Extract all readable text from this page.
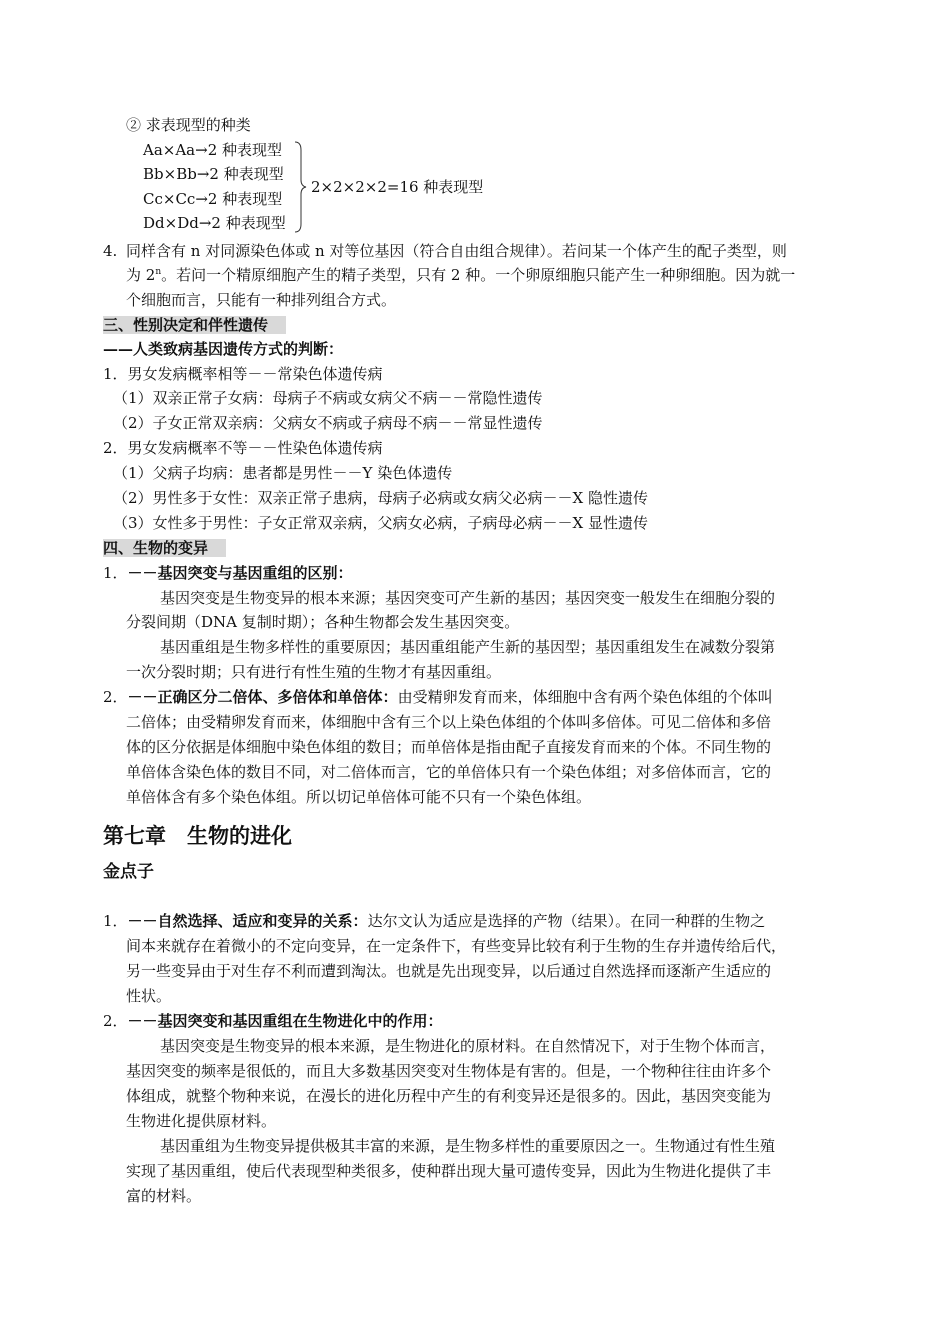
② 求表现型的种类
Aa×Aa→2 种表现型
Bb×Bb→2 种表现型
Cc×Cc→2 种表现型
Dd×Dd→2 种表现型
2×2×2×2=16 种表现型
4. 同样含有 n 对同源染色体或 n 对等位基因（符合自由组合规律）。若问某一个体产生的配子类型，则
为 2$^n$。若问一个精原细胞产生的精子类型，只有 2 种。一个卵原细胞只能产生一种卵细胞。因为就一
个细胞而言，只能有一种排列组合方式。
三、性别决定和伴性遗传
——人类致病基因遗传方式的判断：
1．男女发病概率相等－－常染色体遗传病
（1）双亲正常子女病：母病子不病或女病父不病－－常隐性遗传
（2）子女正常双亲病：父病女不病或子病母不病－－常显性遗传
2．男女发病概率不等－－性染色体遗传病
（1）父病子均病：患者都是男性－－Y 染色体遗传
（2）男性多于女性：双亲正常子患病，母病子必病或女病父必病－－X 隐性遗传
（3）女性多于男性：子女正常双亲病，父病女必病，子病母必病－－X 显性遗传
四、生物的变异
1．－－基因突变与基因重组的区别：
基因突变是生物变异的根本来源；基因突变可产生新的基因；基因突变一般发生在细胞分裂的
分裂间期（DNA 复制时期）；各种生物都会发生基因突变。
基因重组是生物多样性的重要原因；基因重组能产生新的基因型；基因重组发生在减数分裂第
一次分裂时期；只有进行有性生殖的生物才有基因重组。
2．－－正确区分二倍体、多倍体和单倍体：由受精卵发育而来，体细胞中含有两个染色体组的个体叫
二倍体；由受精卵发育而来，体细胞中含有三个以上染色体组的个体叫多倍体。可见二倍体和多倍
体的区分依据是体细胞中染色体组的数目；而单倍体是指由配子直接发育而来的个体。不同生物的
单倍体含染色体的数目不同，对二倍体而言，它的单倍体只有一个染色体组；对多倍体而言，它的
单倍体含有多个染色体组。所以切记单倍体可能不只有一个染色体组。
第七章　生物的进化
金点子
1．－－自然选择、适应和变异的关系：达尔文认为适应是选择的产物（结果）。在同一种群的生物之
间本来就存在着微小的不定向变异，在一定条件下，有些变异比较有利于生物的生存并遗传给后代，
另一些变异由于对生存不利而遭到淘汰。也就是先出现变异，以后通过自然选择而逐渐产生适应的
性状。
2．－－基因突变和基因重组在生物进化中的作用：
基因突变是生物变异的根本来源，是生物进化的原材料。在自然情况下，对于生物个体而言，
基因突变的频率是很低的，而且大多数基因突变对生物体是有害的。但是，一个物种往往由许多个
体组成，就整个物种来说，在漫长的进化历程中产生的有利变异还是很多的。因此，基因突变能为
生物进化提供原材料。
基因重组为生物变异提供极其丰富的来源，是生物多样性的重要原因之一。生物通过有性生殖
实现了基因重组，使后代表现型种类很多，使种群出现大量可遗传变异，因此为生物进化提供了丰
富的材料。
